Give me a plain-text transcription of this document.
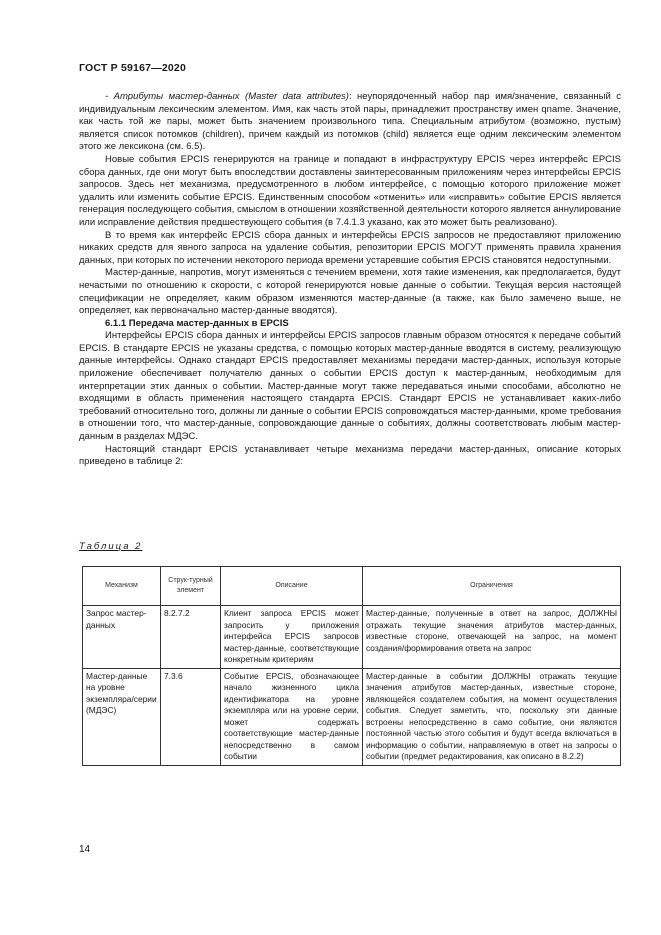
ГОСТ Р 59167—2020

- Атрибуты мастер-данных (Master data attributes): неупорядоченный набор пар имя/значение, связанный с индивидуальным лексическим элементом. Имя, как часть этой пары, принадлежит пространству имен qname. Значение, как часть той же пары, может быть значением произвольного типа. Специальным атрибутом (возможно, пустым) является список потомков (children), причем каждый из потомков (child) является еще одним лексическим элементом этого же лексикона (см. 6.5).

Новые события EPCIS генерируются на границе и попадают в инфраструктуру EPCIS через интерфейс EPCIS сбора данных, где они могут быть впоследствии доставлены заинтересованным приложениям через интерфейсы EPCIS запросов. Здесь нет механизма, предусмотренного в любом интерфейсе, с помощью которого приложение может удалить или изменить событие EPCIS. Единственным способом «отменить» или «исправить» событие EPCIS является генерация последующего события, смыслом в отношении хозяйственной деятельности которого является аннулирование или исправление действия предшествующего события (в 7.4.1.3 указано, как это может быть реализовано).

В то время как интерфейс EPCIS сбора данных и интерфейсы EPCIS запросов не предоставляют приложению никаких средств для явного запроса на удаление события, репозитории EPCIS МОГУТ применять правила хранения данных, при которых по истечении некоторого периода времени устаревшие события EPCIS становятся недоступными.

Мастер-данные, напротив, могут изменяться с течением времени, хотя такие изменения, как предполагается, будут нечастыми по отношению к скорости, с которой генерируются новые данные о событии. Текущая версия настоящей спецификации не определяет, каким образом изменяются мастер-данные (а также, как было замечено выше, не определяет, как первоначально мастер-данные вводятся).

6.1.1 Передача мастер-данных в EPCIS

Интерфейсы EPCIS сбора данных и интерфейсы EPCIS запросов главным образом относятся к передаче событий EPCIS. В стандарте EPCIS не указаны средства, с помощью которых мастер-данные вводятся в систему, реализующую данные интерфейсы. Однако стандарт EPCIS предоставляет механизмы передачи мастер-данных, используя которые приложение обеспечивает получателю данных о событии EPCIS доступ к мастер-данным, необходимым для интерпретации этих данных о событии. Мастер-данные могут также передаваться иными способами, абсолютно не входящими в область применения настоящего стандарта EPCIS. Стандарт EPCIS не устанавливает каких-либо требований относительно того, должны ли данные о событии EPCIS сопровождаться мастер-данными, кроме требования в отношении того, что мастер-данные, сопровождающие данные о событиях, должны соответствовать любым мастер-данным в разделах МДЭС.

Настоящий стандарт EPCIS устанавливает четыре механизма передачи мастер-данных, описание которых приведено в таблице 2:

Таблица 2
Механизм	Струк-турный элемент	Описание	Ограничения
Запрос мастер-данных	8.2.7.2	Клиент запроса EPCIS может запросить у приложения интерфейса EPCIS запросов мастер-данные, соответствующие конкретным критериям	Мастер-данные, полученные в ответ на запрос, ДОЛЖНЫ отражать текущие значения атрибутов мастер-данных, известные стороне, отвечающей на запрос, на момент создания/формирования ответа на запрос
Мастер-данные на уровне экземпляра/серии (МДЭС)	7.3.6	Событие EPCIS, обозначающее начало жизненного цикла идентификатора на уровне экземпляра или на уровне серии, может содержать соответствующие мастер-данные непосредственно в самом событии	Мастер-данные в событии ДОЛЖНЫ отражать текущие значения атрибутов мастер-данных, известные стороне, являющейся создателем события, на момент осуществления события. Следует заметить, что, поскольку эти данные встроены непосредственно в само событие, они являются постоянной частью этого события и будут всегда включаться в информацию о событии, направляемую в ответ на запросы о событии (предмет редактирования, как описано в 8.2.2)
14
